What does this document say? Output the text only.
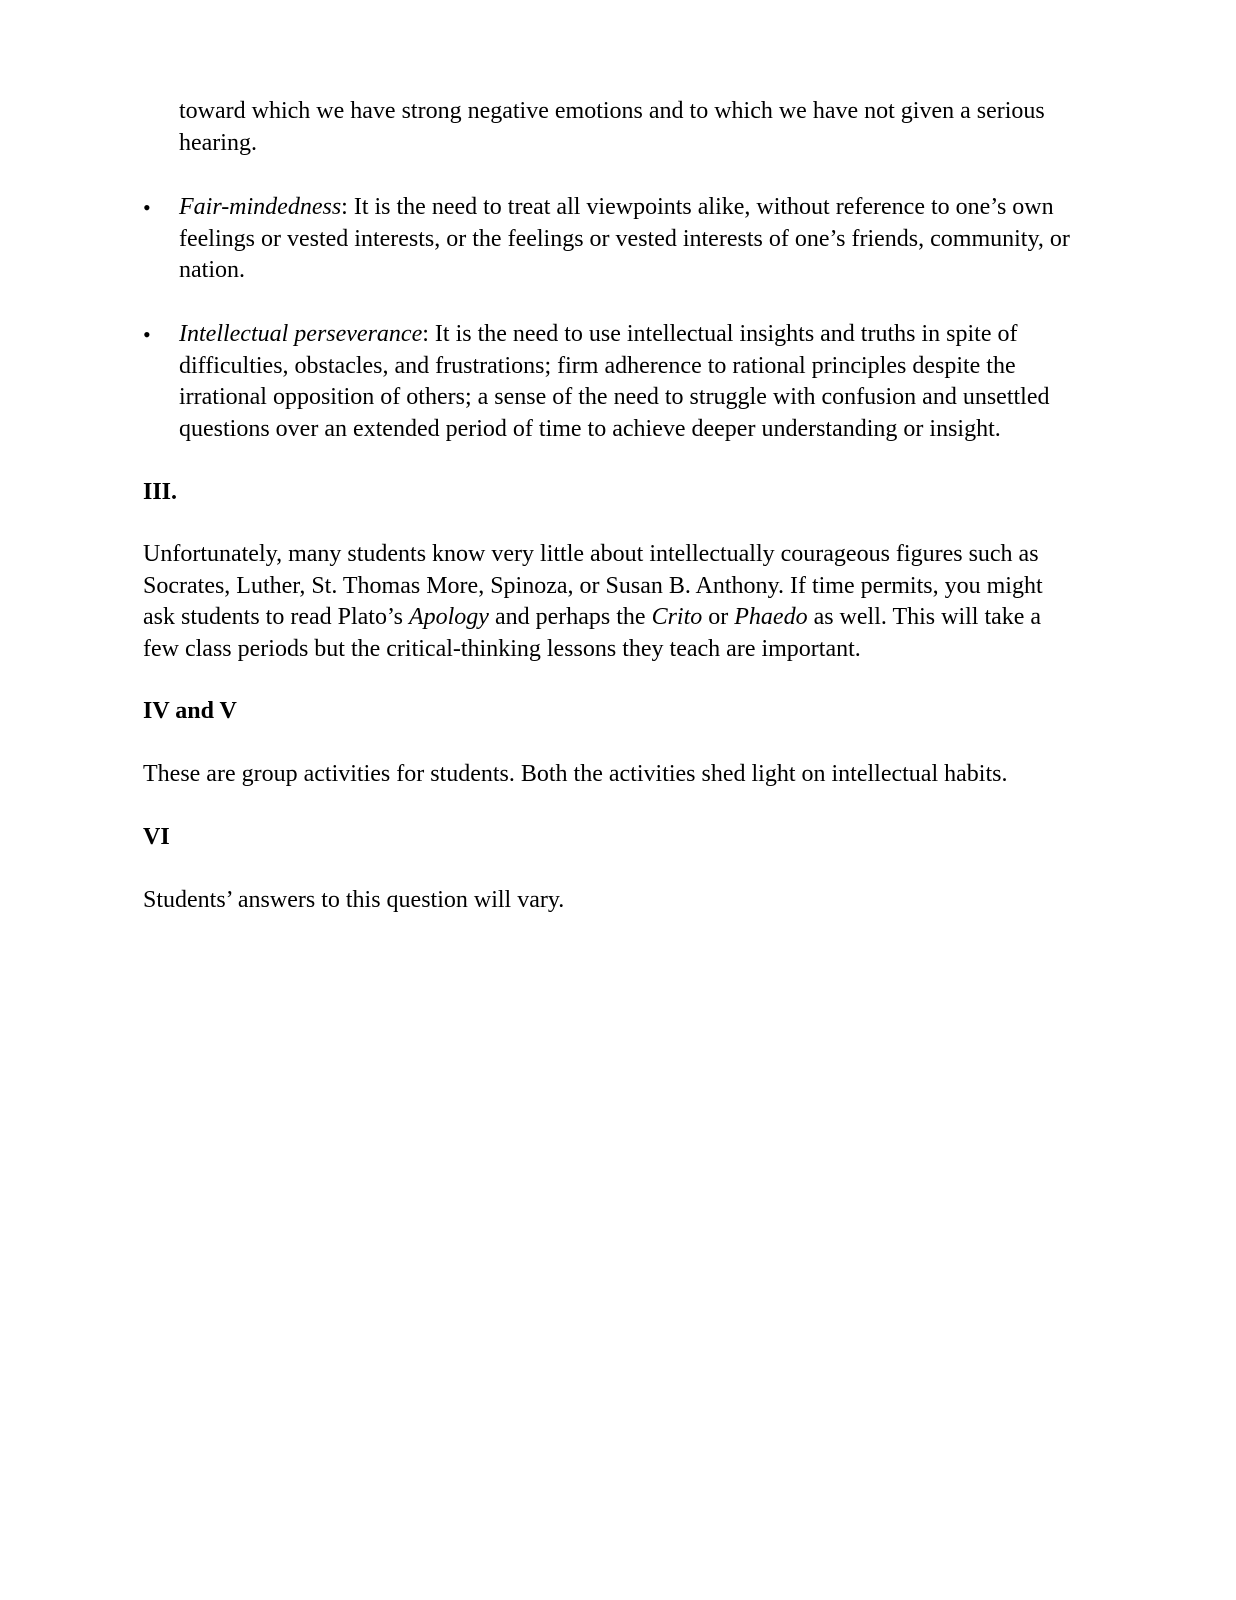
toward which we have strong negative emotions and to which we have not given a serious hearing.

•	Fair-mindedness: It is the need to treat all viewpoints alike, without reference to one’s own feelings or vested interests, or the feelings or vested interests of one’s friends, community, or nation.
•	Intellectual perseverance: It is the need to use intellectual insights and truths in spite of difficulties, obstacles, and frustrations; firm adherence to rational principles despite the irrational opposition of others; a sense of the need to struggle with confusion and unsettled questions over an extended period of time to achieve deeper understanding or insight.

III.

Unfortunately, many students know very little about intellectually courageous figures such as Socrates, Luther, St. Thomas More, Spinoza, or Susan B. Anthony. If time permits, you might ask students to read Plato’s Apology and perhaps the Crito or Phaedo as well. This will take a few class periods but the critical-thinking lessons they teach are important.

IV and V

These are group activities for students. Both the activities shed light on intellectual habits.

VI

Students’ answers to this question will vary.
